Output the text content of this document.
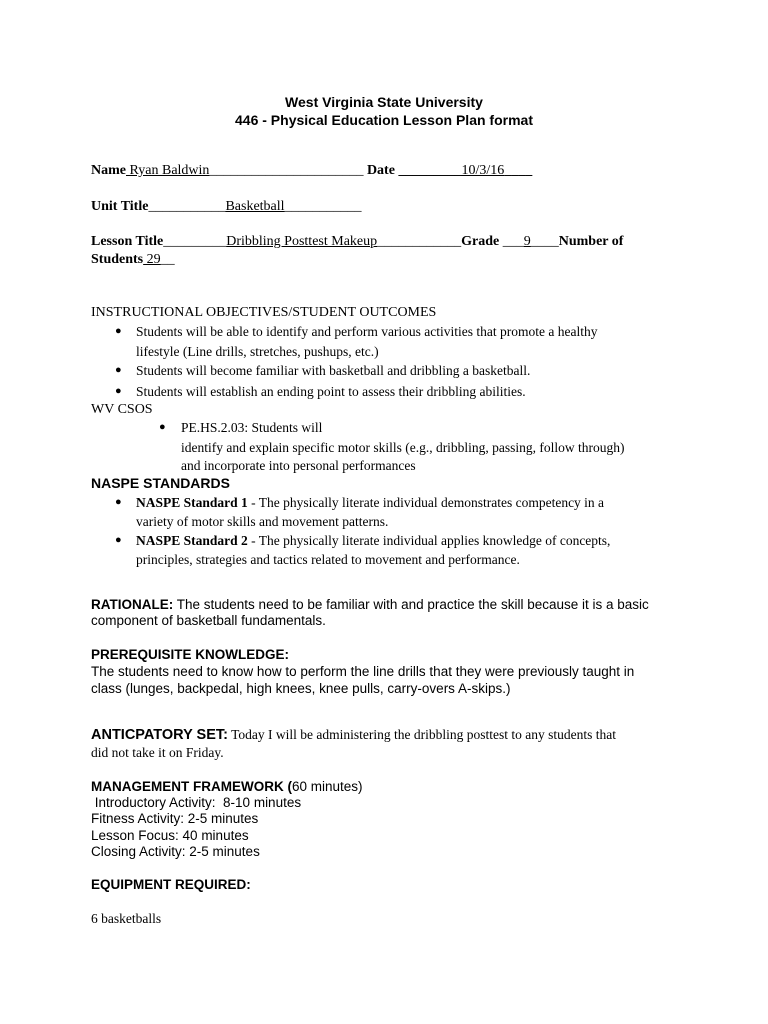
West Virginia State University
446 - Physical Education Lesson Plan format
Name Ryan Baldwin______________________ Date _________10/3/16____
Unit Title___________Basketball___________
Lesson Title_________Dribbling Posttest Makeup____________Grade ___9____Number of
Students 29__
INSTRUCTIONAL OBJECTIVES/STUDENT OUTCOMES
● Students will be able to identify and perform various activities that promote a healthy
lifestyle (Line drills, stretches, pushups, etc.)
● Students will become familiar with basketball and dribbling a basketball.
● Students will establish an ending point to assess their dribbling abilities.
WV CSOS
● PE.HS.2.03: Students will
identify and explain specific motor skills (e.g., dribbling, passing, follow through)
and incorporate into personal performances
NASPE STANDARDS
● NASPE Standard 1 - The physically literate individual demonstrates competency in a
variety of motor skills and movement patterns.
● NASPE Standard 2 - The physically literate individual applies knowledge of concepts,
principles, strategies and tactics related to movement and performance.
RATIONALE: The students need to be familiar with and practice the skill because it is a basic
component of basketball fundamentals.
PREREQUISITE KNOWLEDGE:
The students need to know how to perform the line drills that they were previously taught in
class (lunges, backpedal, high knees, knee pulls, carry-overs A-skips.)
ANTICPATORY SET: Today I will be administering the dribbling posttest to any students that
did not take it on Friday.
MANAGEMENT FRAMEWORK (60 minutes)
Introductory Activity:  8-10 minutes
Fitness Activity: 2-5 minutes
Lesson Focus: 40 minutes
Closing Activity: 2-5 minutes
EQUIPMENT REQUIRED:
6 basketballs
